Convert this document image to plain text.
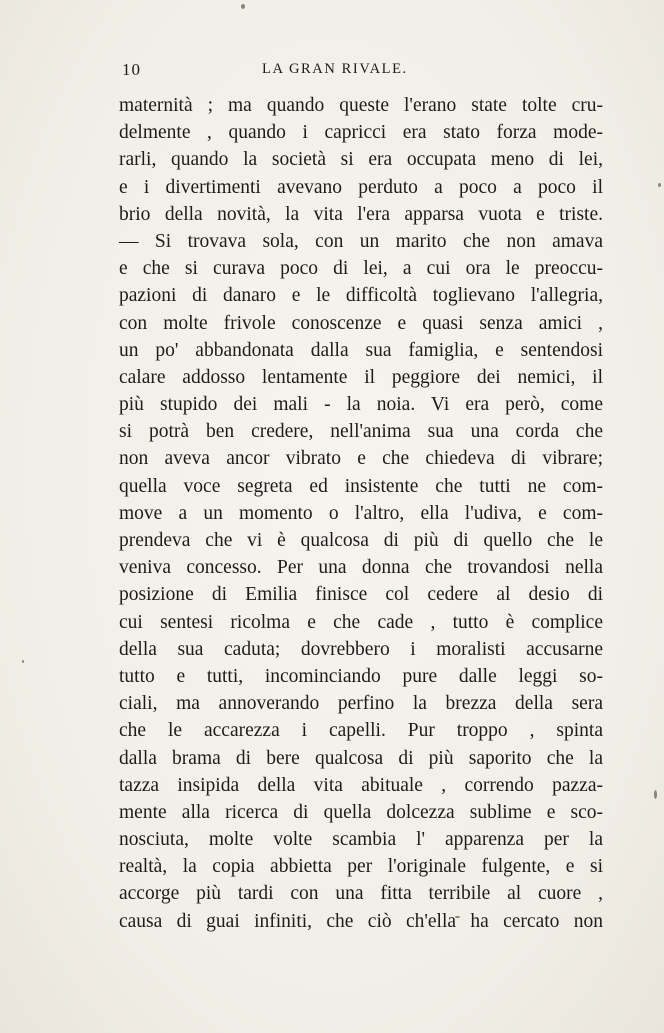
10	LA GRAN RIVALE.
maternità ; ma quando queste l'erano state tolte cru-
delmente , quando i capricci era stato forza mode-
rarli, quando la società si era occupata meno di lei,
e i divertimenti avevano perduto a poco a poco il
brio della novità, la vita l'era apparsa vuota e triste.
— Si trovava sola, con un marito che non amava
e che si curava poco di lei, a cui ora le preoccu-
pazioni di danaro e le difficoltà toglievano l'allegria,
con molte frivole conoscenze e quasi senza amici ,
un po' abbandonata dalla sua famiglia, e sentendosi
calare addosso lentamente il peggiore dei nemici, il
più stupido dei mali - la noia. Vi era però, come
si potrà ben credere, nell'anima sua una corda che
non aveva ancor vibrato e che chiedeva di vibrare;
quella voce segreta ed insistente che tutti ne com-
move a un momento o l'altro, ella l'udiva, e com-
prendeva che vi è qualcosa di più di quello che le
veniva concesso. Per una donna che trovandosi nella
posizione di Emilia finisce col cedere al desio di
cui sentesi ricolma e che cade , tutto è complice
della sua caduta; dovrebbero i moralisti accusarne
tutto e tutti, incominciando pure dalle leggi so-
ciali, ma annoverando perfino la brezza della sera
che le accarezza i capelli. Pur troppo , spinta
dalla brama di bere qualcosa di più saporito che la
tazza insipida della vita abituale , correndo pazza-
mente alla ricerca di quella dolcezza sublime e sco-
nosciuta, molte volte scambia l' apparenza per la
realtà, la copia abbietta per l'originale fulgente, e si
accorge più tardi con una fitta terribile al cuore ,
causa di guai infiniti, che ciò ch'ella ha cercato non
